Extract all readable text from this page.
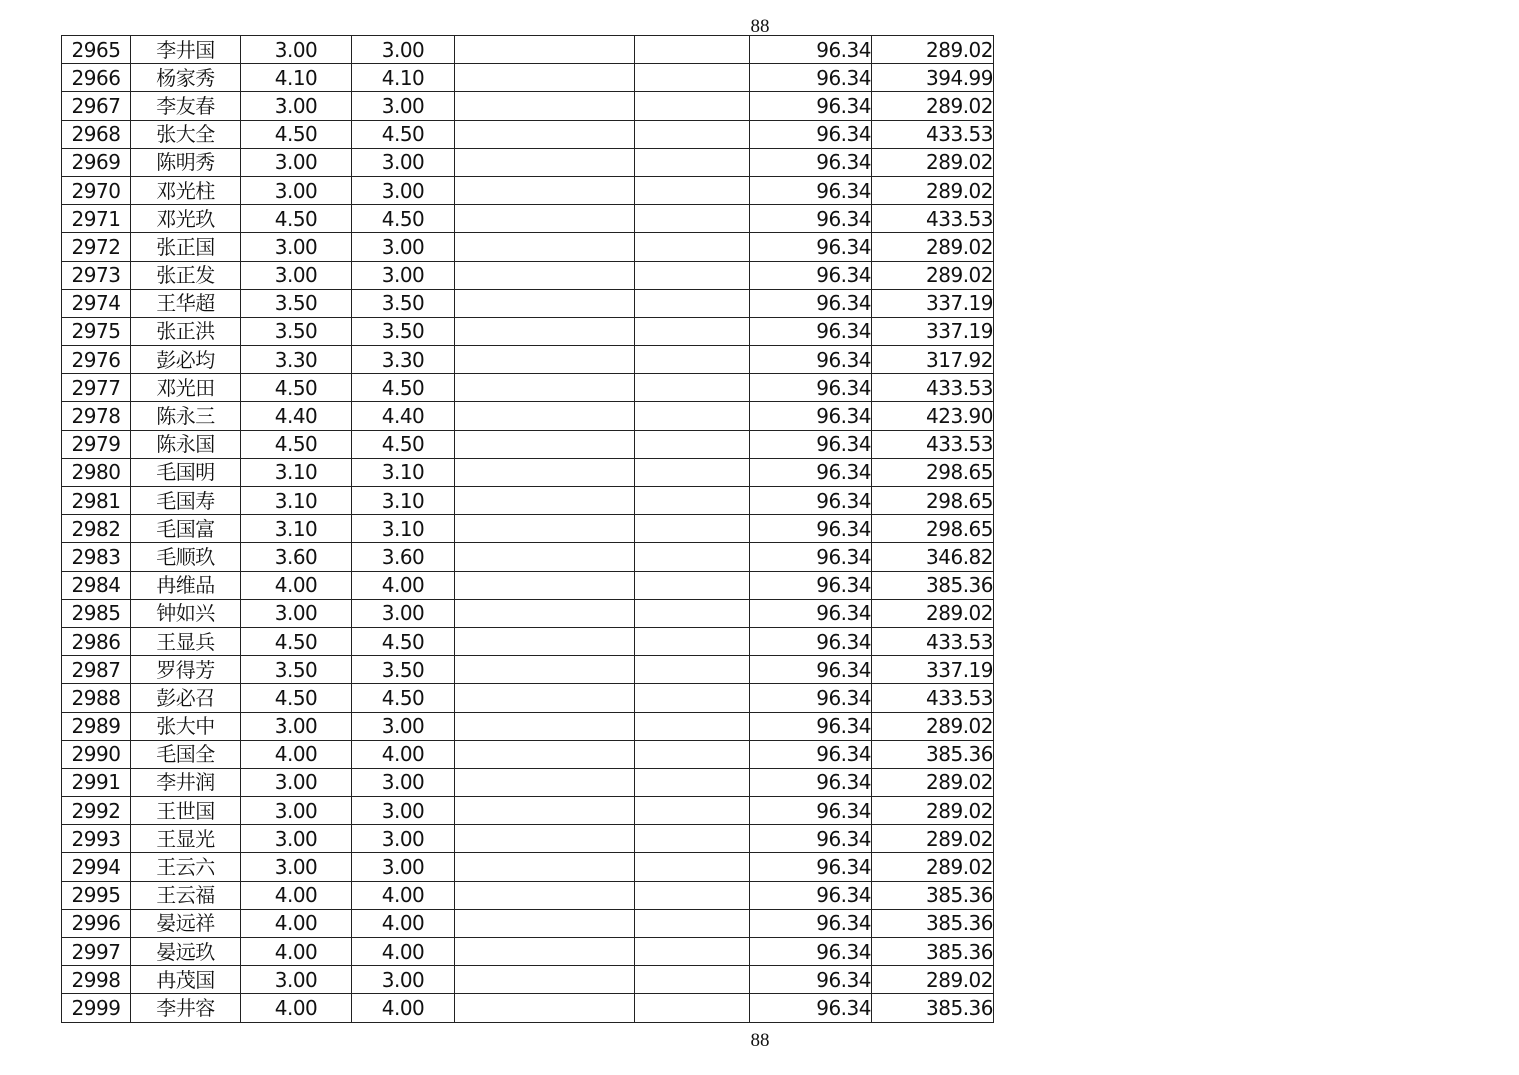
88
2965	李井国	3.00	3.00			96.34	289.02
2966	杨家秀	4.10	4.10			96.34	394.99
2967	李友春	3.00	3.00			96.34	289.02
2968	张大全	4.50	4.50			96.34	433.53
2969	陈明秀	3.00	3.00			96.34	289.02
2970	邓光柱	3.00	3.00			96.34	289.02
2971	邓光玖	4.50	4.50			96.34	433.53
2972	张正国	3.00	3.00			96.34	289.02
2973	张正发	3.00	3.00			96.34	289.02
2974	王华超	3.50	3.50			96.34	337.19
2975	张正洪	3.50	3.50			96.34	337.19
2976	彭必均	3.30	3.30			96.34	317.92
2977	邓光田	4.50	4.50			96.34	433.53
2978	陈永三	4.40	4.40			96.34	423.90
2979	陈永国	4.50	4.50			96.34	433.53
2980	毛国明	3.10	3.10			96.34	298.65
2981	毛国寿	3.10	3.10			96.34	298.65
2982	毛国富	3.10	3.10			96.34	298.65
2983	毛顺玖	3.60	3.60			96.34	346.82
2984	冉维品	4.00	4.00			96.34	385.36
2985	钟如兴	3.00	3.00			96.34	289.02
2986	王显兵	4.50	4.50			96.34	433.53
2987	罗得芳	3.50	3.50			96.34	337.19
2988	彭必召	4.50	4.50			96.34	433.53
2989	张大中	3.00	3.00			96.34	289.02
2990	毛国全	4.00	4.00			96.34	385.36
2991	李井润	3.00	3.00			96.34	289.02
2992	王世国	3.00	3.00			96.34	289.02
2993	王显光	3.00	3.00			96.34	289.02
2994	王云六	3.00	3.00			96.34	289.02
2995	王云福	4.00	4.00			96.34	385.36
2996	晏远祥	4.00	4.00			96.34	385.36
2997	晏远玖	4.00	4.00			96.34	385.36
2998	冉茂国	3.00	3.00			96.34	289.02
2999	李井容	4.00	4.00			96.34	385.36
88
